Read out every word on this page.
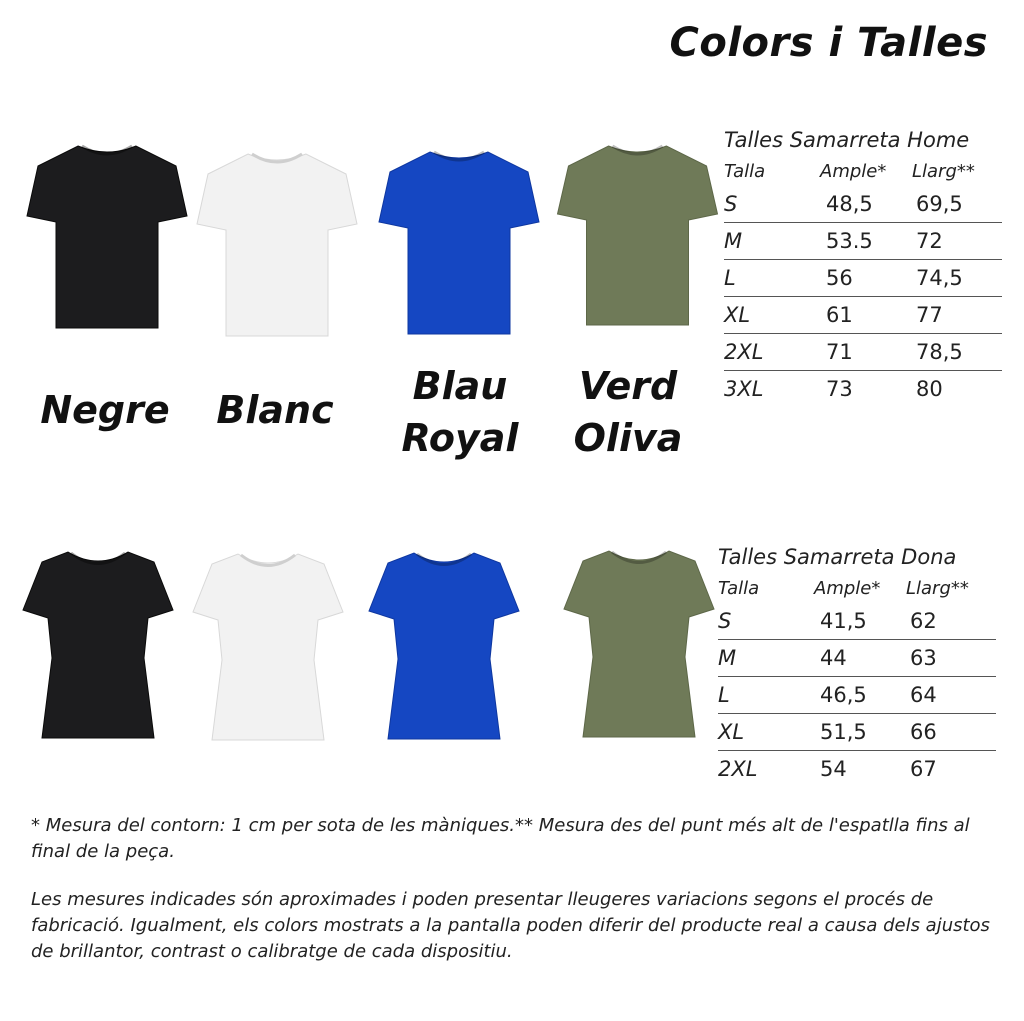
Colors i Talles
Negre	Blanc
Blau
Royal
Verd
Oliva
Talles Samarreta Home
Talla	Ample*	Llarg**
S	48,5	69,5
M	53.5	72
L	56	74,5
XL	61	77
2XL	71	78,5
3XL	73	80
Talles Samarreta Dona
Talla	Ample*	Llarg**
S	41,5	62
M	44	63
L	46,5	64
XL	51,5	66
2XL	54	67
* Mesura del contorn: 1 cm per sota de les màniques.** Mesura des del punt més alt de l'espatlla fins al final de la peça.
Les mesures indicades són aproximades i poden presentar lleugeres variacions segons el procés de fabricació. Igualment, els colors mostrats a la pantalla poden diferir del producte real a causa dels ajustos de brillantor, contrast o calibratge de cada dispositiu.
